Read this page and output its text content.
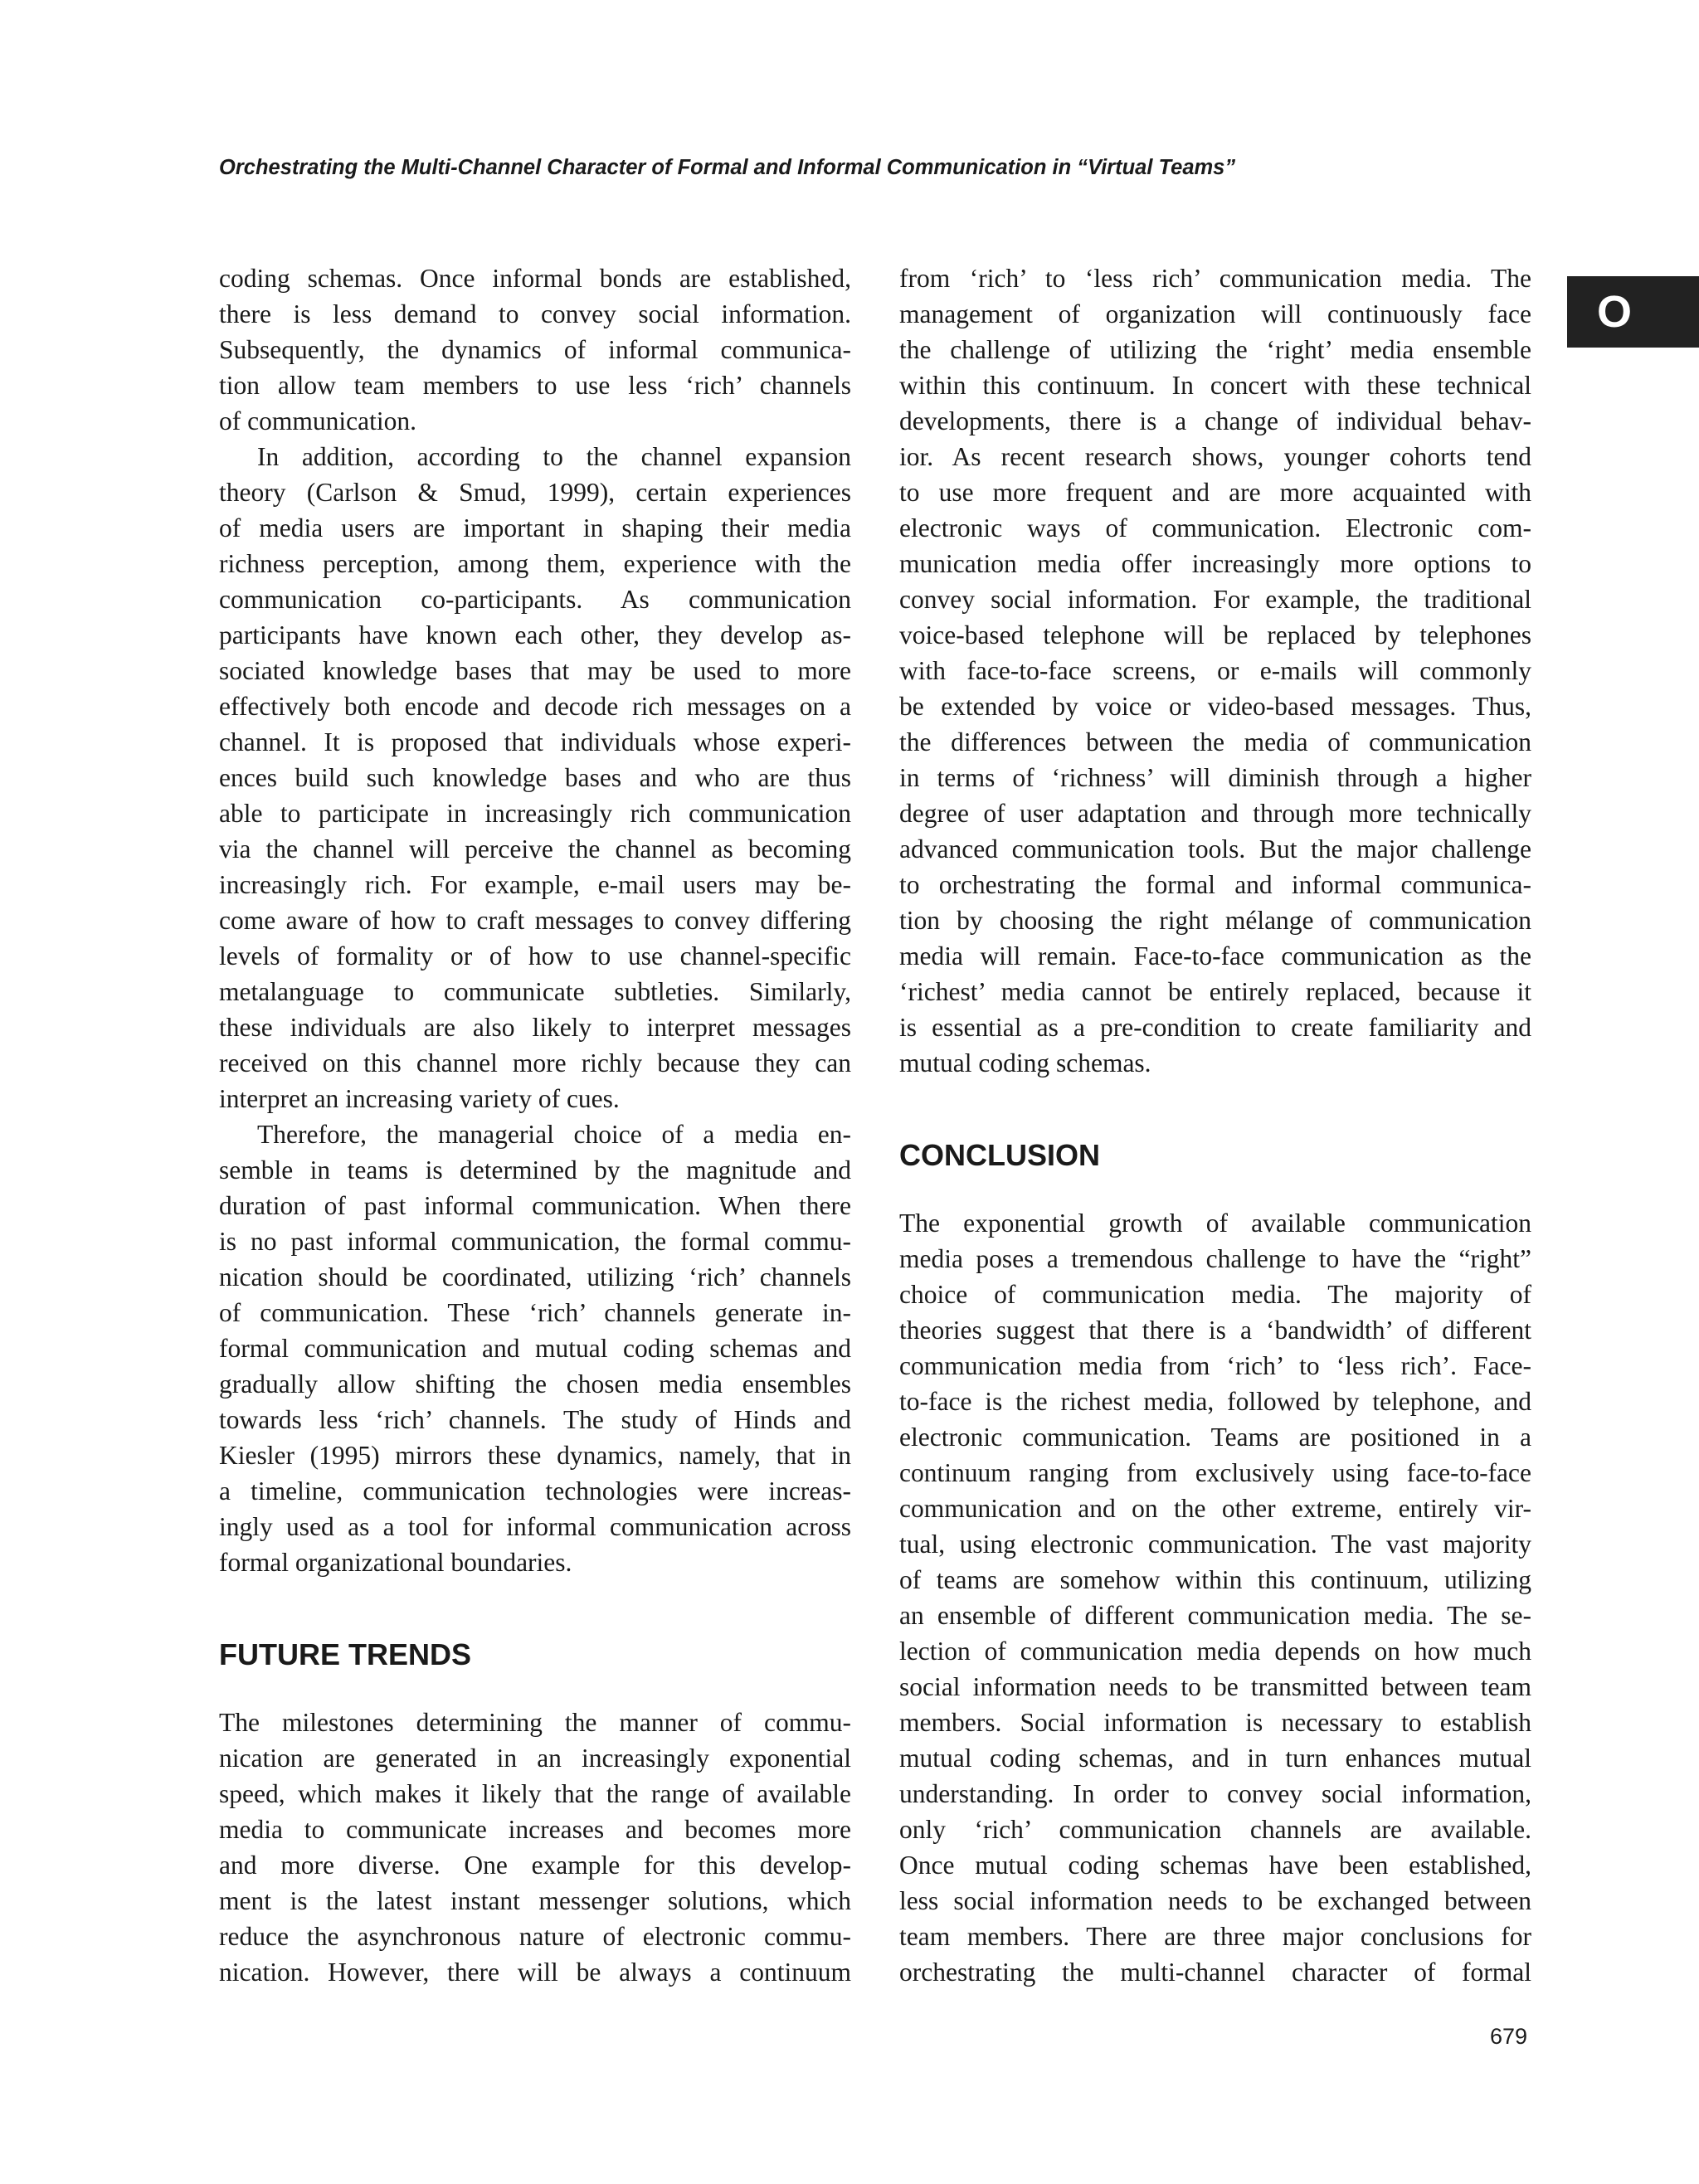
Orchestrating the Multi-Channel Character of Formal and Informal Communication in “Virtual Teams”
O
coding schemas. Once informal bonds are established,
there is less demand to convey social information.
Subsequently, the dynamics of informal communica-
tion allow team members to use less ‘rich’ channels
of communication.
In addition, according to the channel expansion
theory (Carlson & Smud, 1999), certain experiences
of media users are important in shaping their media
richness perception, among them, experience with the
communication co-participants. As communication
participants have known each other, they develop as-
sociated knowledge bases that may be used to more
effectively both encode and decode rich messages on a
channel. It is proposed that individuals whose experi-
ences build such knowledge bases and who are thus
able to participate in increasingly rich communication
via the channel will perceive the channel as becoming
increasingly rich. For example, e-mail users may be-
come aware of how to craft messages to convey differing
levels of formality or of how to use channel-specific
metalanguage to communicate subtleties. Similarly,
these individuals are also likely to interpret messages
received on this channel more richly because they can
interpret an increasing variety of cues.
Therefore, the managerial choice of a media en-
semble in teams is determined by the magnitude and
duration of past informal communication. When there
is no past informal communication, the formal commu-
nication should be coordinated, utilizing ‘rich’ channels
of communication. These ‘rich’ channels generate in-
formal communication and mutual coding schemas and
gradually allow shifting the chosen media ensembles
towards less ‘rich’ channels. The study of Hinds and
Kiesler (1995) mirrors these dynamics, namely, that in
a timeline, communication technologies were increas-
ingly used as a tool for informal communication across
formal organizational boundaries.
FUTURE TRENDS
The milestones determining the manner of commu-
nication are generated in an increasingly exponential
speed, which makes it likely that the range of available
media to communicate increases and becomes more
and more diverse. One example for this develop-
ment is the latest instant messenger solutions, which
reduce the asynchronous nature of electronic commu-
nication. However, there will be always a continuum
from ‘rich’ to ‘less rich’ communication media. The
management of organization will continuously face
the challenge of utilizing the ‘right’ media ensemble
within this continuum. In concert with these technical
developments, there is a change of individual behav-
ior. As recent research shows, younger cohorts tend
to use more frequent and are more acquainted with
electronic ways of communication. Electronic com-
munication media offer increasingly more options to
convey social information. For example, the traditional
voice-based telephone will be replaced by telephones
with face-to-face screens, or e-mails will commonly
be extended by voice or video-based messages. Thus,
the differences between the media of communication
in terms of ‘richness’ will diminish through a higher
degree of user adaptation and through more technically
advanced communication tools. But the major challenge
to orchestrating the formal and informal communica-
tion by choosing the right mélange of communication
media will remain. Face-to-face communication as the
‘richest’ media cannot be entirely replaced, because it
is essential as a pre-condition to create familiarity and
mutual coding schemas.
CONCLUSION
The exponential growth of available communication
media poses a tremendous challenge to have the “right”
choice of communication media. The majority of
theories suggest that there is a ‘bandwidth’ of different
communication media from ‘rich’ to ‘less rich’. Face-
to-face is the richest media, followed by telephone, and
electronic communication. Teams are positioned in a
continuum ranging from exclusively using face-to-face
communication and on the other extreme, entirely vir-
tual, using electronic communication. The vast majority
of teams are somehow within this continuum, utilizing
an ensemble of different communication media. The se-
lection of communication media depends on how much
social information needs to be transmitted between team
members. Social information is necessary to establish
mutual coding schemas, and in turn enhances mutual
understanding. In order to convey social information,
only ‘rich’ communication channels are available.
Once mutual coding schemas have been established,
less social information needs to be exchanged between
team members. There are three major conclusions for
orchestrating the multi-channel character of formal
679
